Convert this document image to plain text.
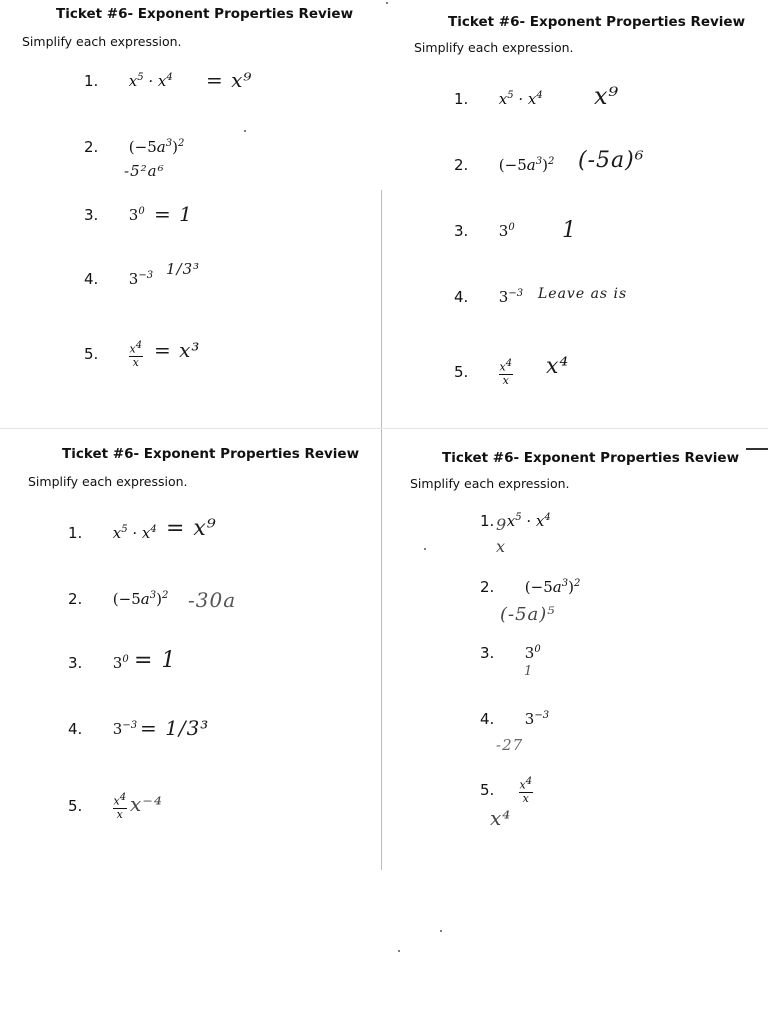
Ticket #6- Exponent Properties Review
Simplify each expression.
1. $x^5 \cdot x^4 = x^9$
2. $(-5a^3)^2$
-5²a⁶
3. $3^0 = 1$
4. $3^{-3}$ 1/3³
5.	$\frac{x^4}{x} = x^3$
Ticket #6- Exponent Properties Review
Simplify each expression.
1. $x^5 \cdot x^4$ x⁹
2. $(-5a^3)^2$ (-5a)⁶
3. $3^0$ 1
4. $3^{-3}$ Leave as is
5.	$\frac{x^4}{x} x^4$
Ticket #6- Exponent Properties Review
Simplify each expression.
1. $x^5 \cdot x^4 = x^9$
2. $(-5a^3)^2$ -30a
3. $3^0 = 1$
4. $3^{-3} = 1/3^3$
5.	$\frac{x^4}{x} x^{-4}$
Ticket #6- Exponent Properties Review
Simplify each expression.
1. $x^5 \cdot x^4$
9 x
2. $(-5a^3)^2$
(-5a)⁵
3. $3^0$
1
4. $3^{-3}$
-27
5. $\frac{x^4}{x}$
x⁴
